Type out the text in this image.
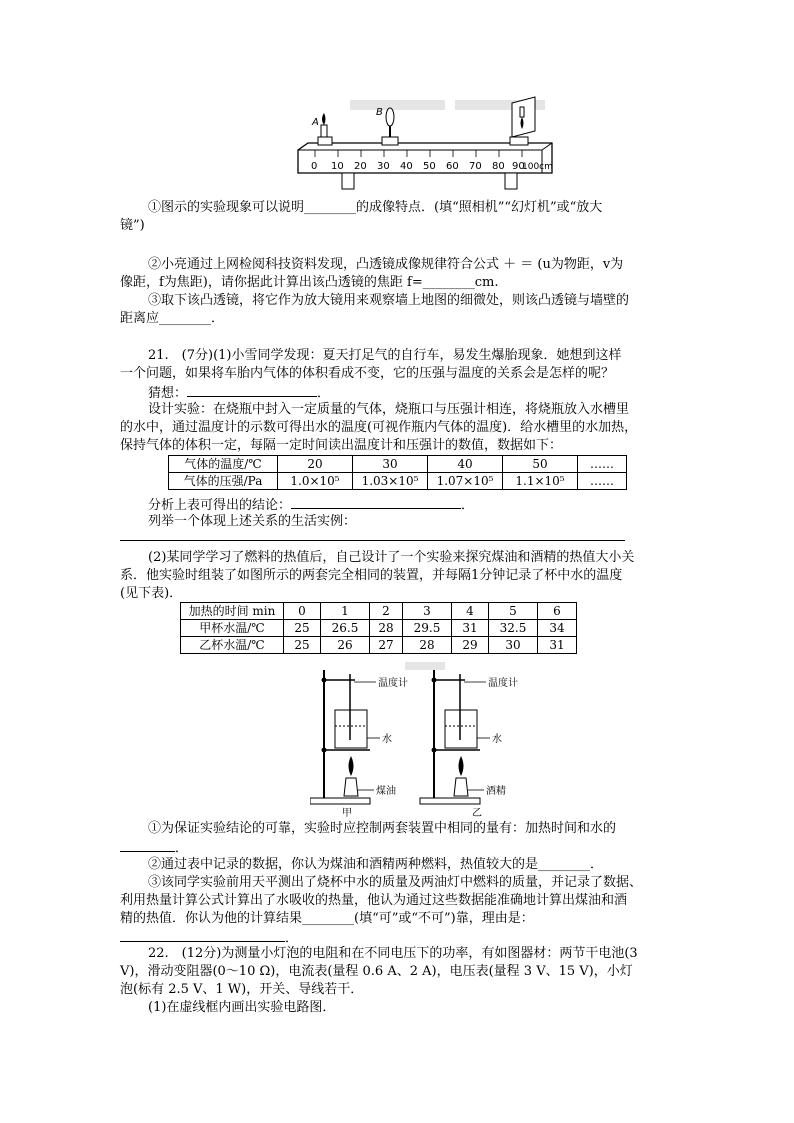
A
B
0 10 20 30 40 50 60 70 80 90
100cm
①图示的实验现象可以说明________的成像特点．(填“照相机”“幻灯机”或“放大
镜”)
②小亮通过上网检阅科技资料发现，凸透镜成像规律符合公式 ＋ ＝ (u为物距，v为
像距，f为焦距)，请你据此计算出该凸透镜的焦距 f=________cm.
③取下该凸透镜，将它作为放大镜用来观察墙上地图的细微处，则该凸透镜与墙壁的
距离应________．
21.　(7分)(1)小雪同学发现：夏天打足气的自行车，易发生爆胎现象．她想到这样
一个问题，如果将车胎内气体的体积看成不变，它的压强与温度的关系会是怎样的呢？
猜想：	．
设计实验：在烧瓶中封入一定质量的气体，烧瓶口与压强计相连，将烧瓶放入水槽里
的水中，通过温度计的示数可得出水的温度(可视作瓶内气体的温度)．给水槽里的水加热，
保持气体的体积一定，每隔一定时间读出温度计和压强计的数值，数据如下：
气体的温度/℃	20	30	40	50	……
气体的压强/Pa	1.0×10⁵	1.03×10⁵	1.07×10⁵	1.1×10⁵	……
分析上表可得出的结论：	．
列举一个体现上述关系的生活实例：
(2)某同学学习了燃料的热值后，自己设计了一个实验来探究煤油和酒精的热值大小关
系．他实验时组装了如图所示的两套完全相同的装置，并每隔1分钟记录了杯中水的温度
(见下表)．
加热的时间 min	0	1	2	3	4	5	6
甲杯水温/℃	25	26.5	28	29.5	31	32.5	34
乙杯水温/℃	25	26	27	28	29	30	31
温度计
水
煤油
甲
温度计
水
酒精
乙
①为保证实验结论的可靠，实验时应控制两套装置中相同的量有：加热时间和水的
．
②通过表中记录的数据，你认为煤油和酒精两种燃料，热值较大的是________．
③该同学实验前用天平测出了烧杯中水的质量及两油灯中燃料的质量，并记录了数据、
利用热量计算公式计算出了水吸收的热量，他认为通过这些数据能准确地计算出煤油和酒
精的热值．你认为他的计算结果________(填“可”或“不可”)靠，理由是：
．
22.　(12分)为测量小灯泡的电阻和在不同电压下的功率，有如图器材：两节干电池(3
V)，滑动变阻器(0～10 Ω)，电流表(量程 0.6 A、2 A)，电压表(量程 3 V、15 V)，小灯
泡(标有 2.5 V、1 W)，开关、导线若干．
(1)在虚线框内画出实验电路图．
